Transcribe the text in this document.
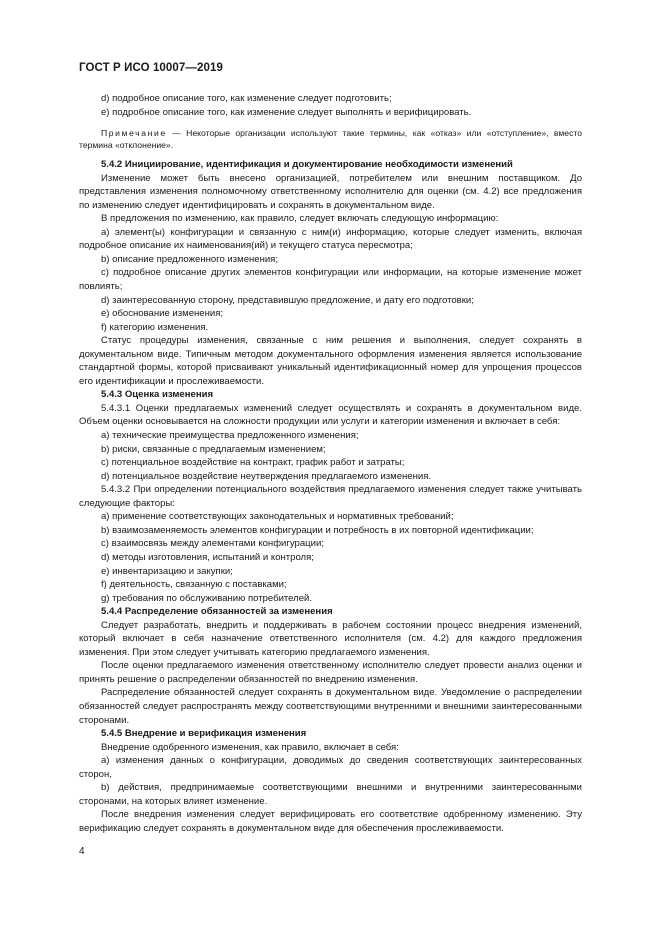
ГОСТ Р ИСО 10007—2019

d) подробное описание того, как изменение следует подготовить;

e) подробное описание того, как изменение следует выполнять и верифицировать.

Примечание — Некоторые организации используют такие термины, как «отказ» или «отступление», вместо термина «отклонение».

5.4.2 Инициирование, идентификация и документирование необходимости изменений

Изменение может быть внесено организацией, потребителем или внешним поставщиком. До представления изменения полномочному ответственному исполнителю для оценки (см. 4.2) все предложения по изменению следует идентифицировать и сохранять в документальном виде.

В предложения по изменению, как правило, следует включать следующую информацию:

a) элемент(ы) конфигурации и связанную с ним(и) информацию, которые следует изменить, включая подробное описание их наименования(ий) и текущего статуса пересмотра;

b) описание предложенного изменения;

c) подробное описание других элементов конфигурации или информации, на которые изменение может повлиять;

d) заинтересованную сторону, представившую предложение, и дату его подготовки;

e) обоснование изменения;

f) категорию изменения.

Статус процедуры изменения, связанные с ним решения и выполнения, следует сохранять в документальном виде. Типичным методом документального оформления изменения является использование стандартной формы, которой присваивают уникальный идентификационный номер для упрощения процессов его идентификации и прослеживаемости.

5.4.3 Оценка изменения

5.4.3.1 Оценки предлагаемых изменений следует осуществлять и сохранять в документальном виде. Объем оценки основывается на сложности продукции или услуги и категории изменения и включает в себя:

a) технические преимущества предложенного изменения;

b) риски, связанные с предлагаемым изменением;

c) потенциальное воздействие на контракт, график работ и затраты;

d) потенциальное воздействие неутверждения предлагаемого изменения.

5.4.3.2 При определении потенциального воздействия предлагаемого изменения следует также учитывать следующие факторы:

a) применение соответствующих законодательных и нормативных требований;

b) взаимозаменяемость элементов конфигурации и потребность в их повторной идентификации;

c) взаимосвязь между элементами конфигурации;

d) методы изготовления, испытаний и контроля;

e) инвентаризацию и закупки;

f) деятельность, связанную с поставками;

g) требования по обслуживанию потребителей.

5.4.4 Распределение обязанностей за изменения

Следует разработать, внедрить и поддерживать в рабочем состоянии процесс внедрения изменений, который включает в себя назначение ответственного исполнителя (см. 4.2) для каждого предложения изменения. При этом следует учитывать категорию предлагаемого изменения.

После оценки предлагаемого изменения ответственному исполнителю следует провести анализ оценки и принять решение о распределении обязанностей по внедрению изменения.

Распределение обязанностей следует сохранять в документальном виде. Уведомление о распределении обязанностей следует распространять между соответствующими внутренними и внешними заинтересованными сторонами.

5.4.5 Внедрение и верификация изменения

Внедрение одобренного изменения, как правило, включает в себя:

a) изменения данных о конфигурации, доводимых до сведения соответствующих заинтересованных сторон,

b) действия, предпринимаемые соответствующими внешними и внутренними заинтересованными сторонами, на которых влияет изменение.

После внедрения изменения следует верифицировать его соответствие одобренному изменению. Эту верификацию следует сохранять в документальном виде для обеспечения прослеживаемости.

4
